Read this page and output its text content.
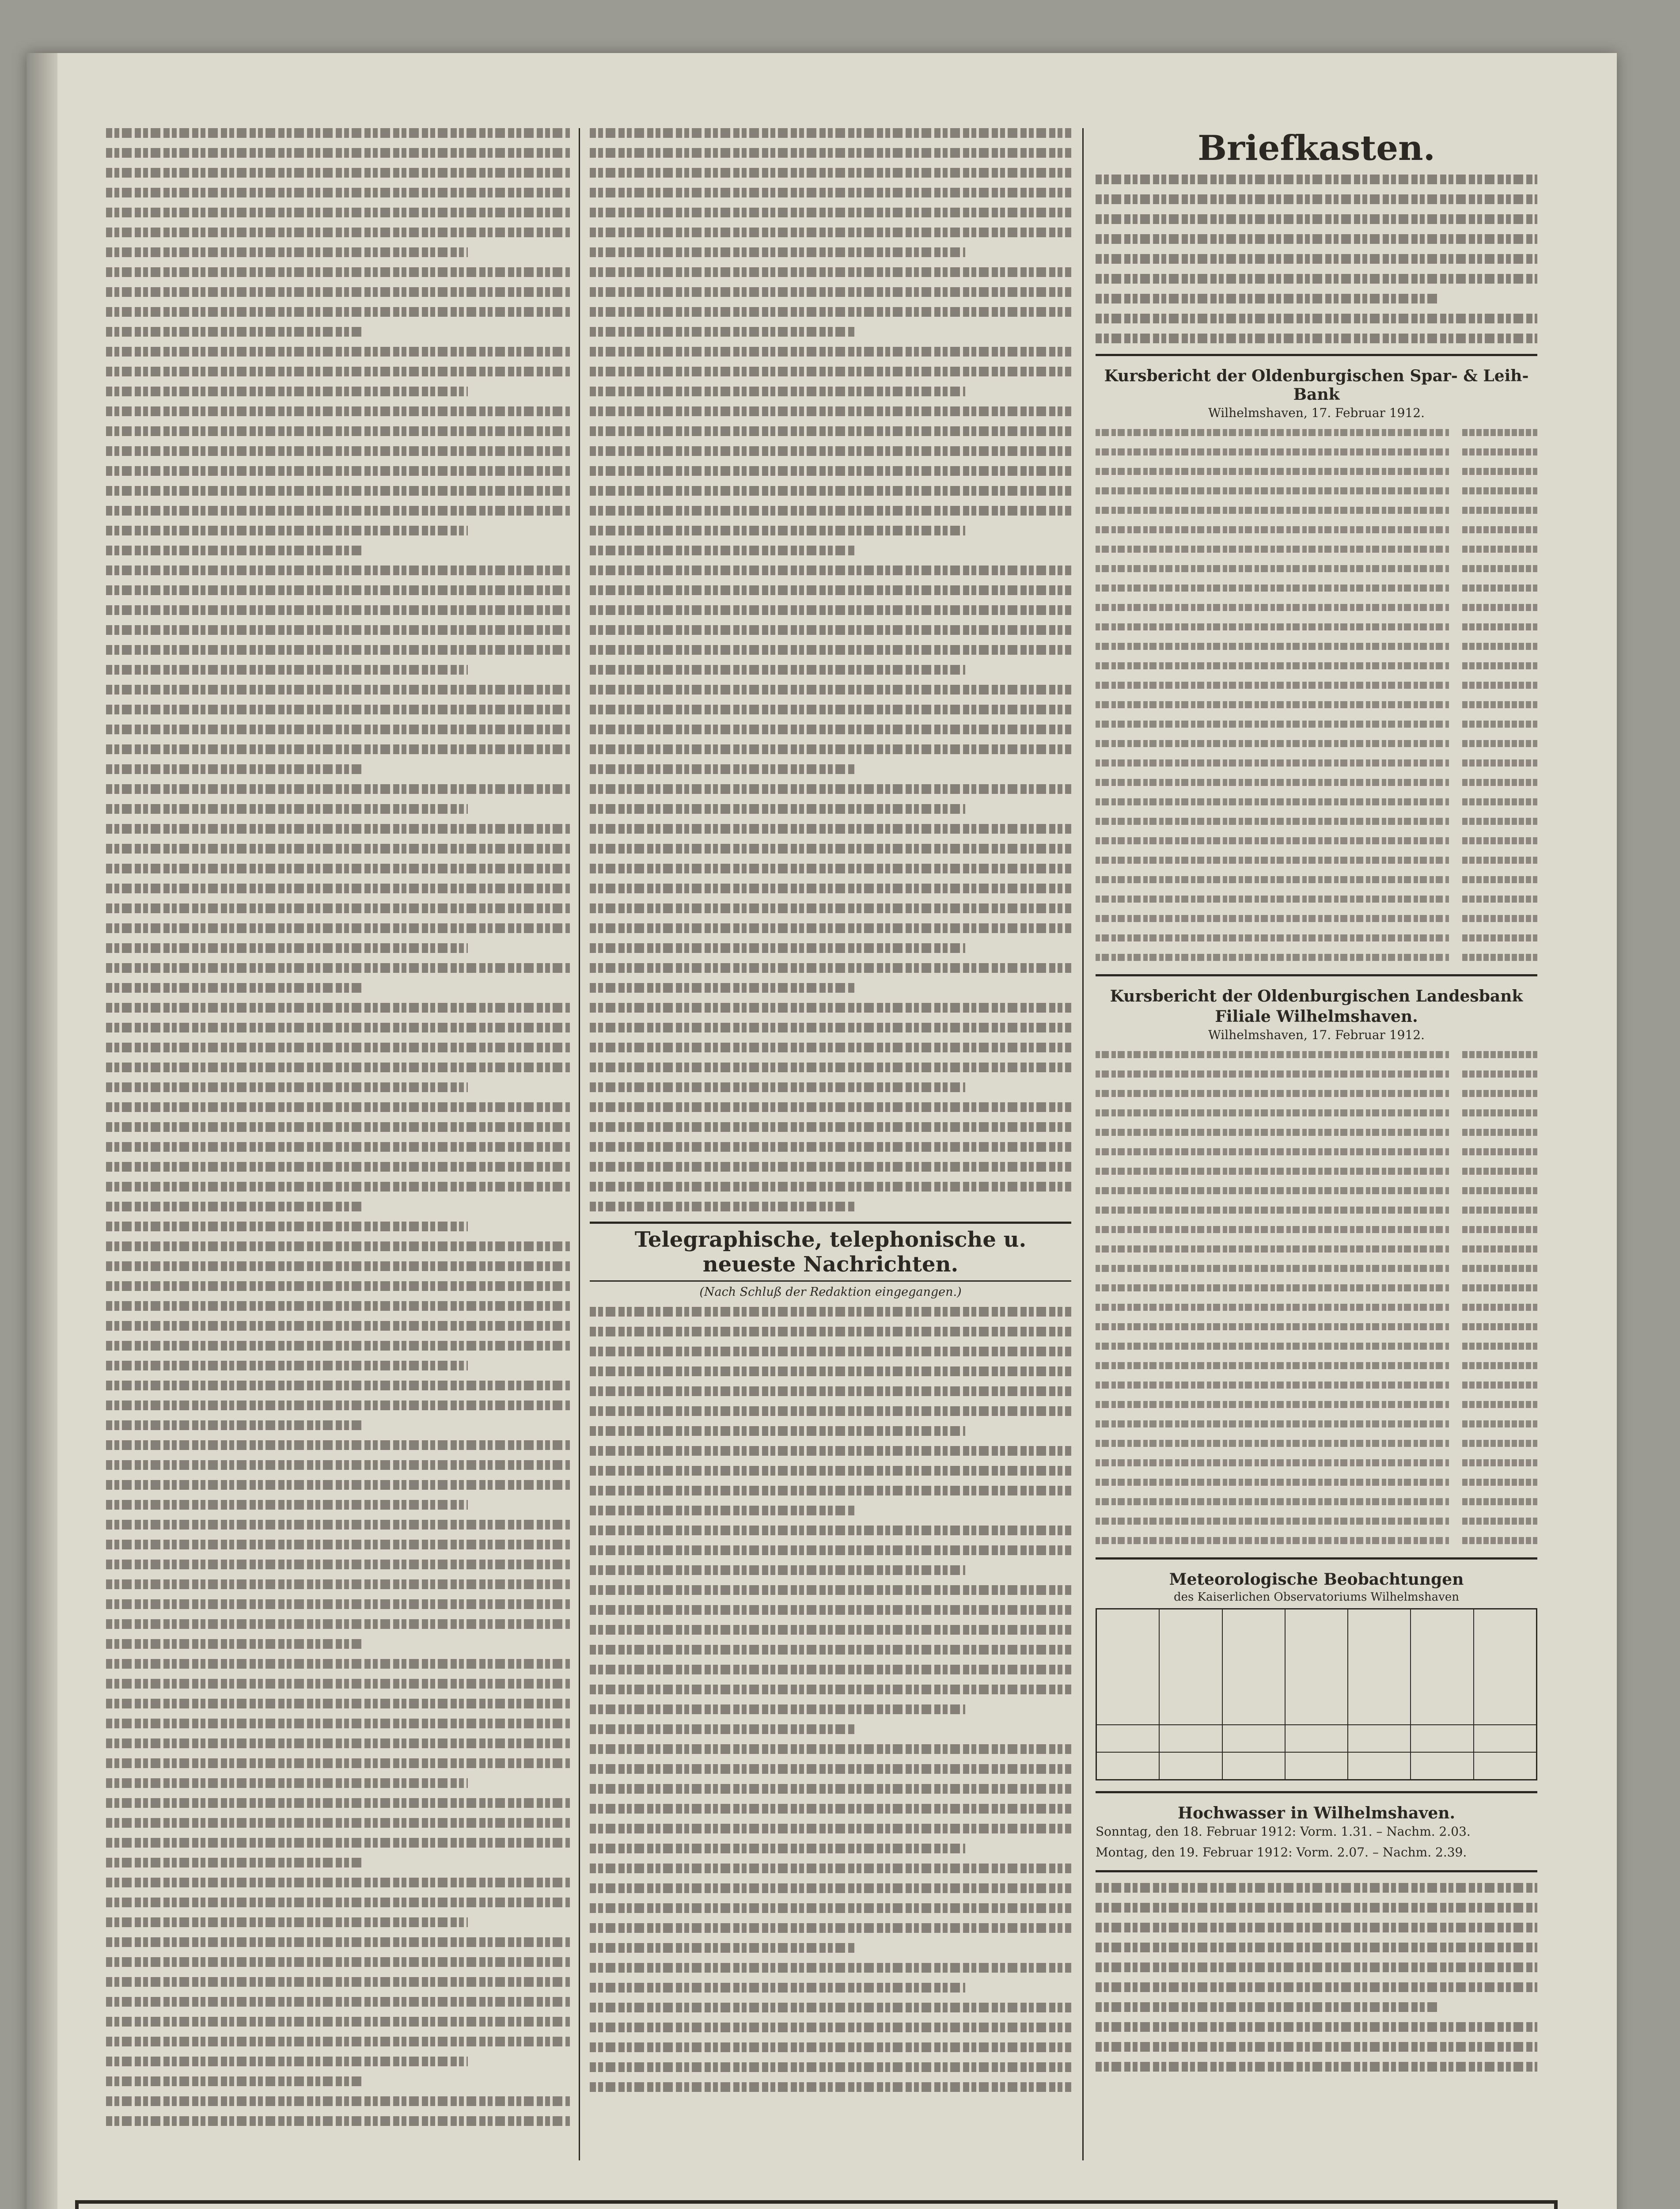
Telegraphische, telephonische u. neueste Nachrichten.
(Nach Schluß der Redaktion eingegangen.)
Briefkasten.
Kursbericht der Oldenburgischen Spar- & Leih-Bank
Wilhelmshaven, 17. Februar 1912.
Kursbericht der Oldenburgischen Landesbank
Filiale Wilhelmshaven.
Wilhelmshaven, 17. Februar 1912.
Meteorologische Beobachtungen
des Kaiserlichen Observatoriums Wilhelmshaven
Hochwasser in Wilhelmshaven.
Sonntag, den 18. Februar 1912: Vorm. 1.31. – Nachm. 2.03.
Montag, den 19. Februar 1912: Vorm. 2.07. – Nachm. 2.39.
